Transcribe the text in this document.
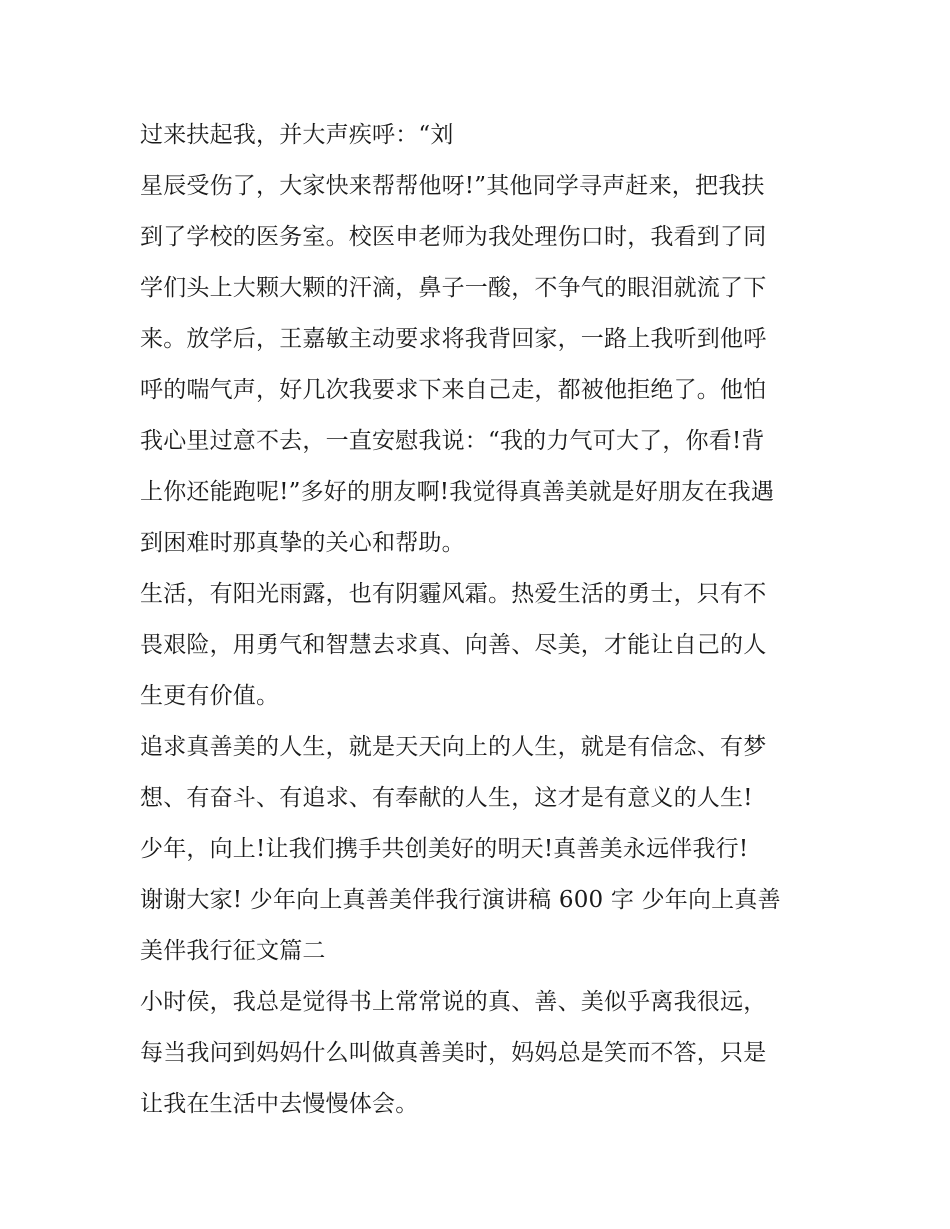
过来扶起我，并大声疾呼：“刘
星辰受伤了，大家快来帮帮他呀!”其他同学寻声赶来，把我扶
到了学校的医务室。校医申老师为我处理伤口时，我看到了同
学们头上大颗大颗的汗滴，鼻子一酸，不争气的眼泪就流了下
来。放学后，王嘉敏主动要求将我背回家，一路上我听到他呼
呼的喘气声，好几次我要求下来自己走，都被他拒绝了。他怕
我心里过意不去，一直安慰我说：“我的力气可大了，你看!背
上你还能跑呢!”多好的朋友啊!我觉得真善美就是好朋友在我遇
到困难时那真挚的关心和帮助。
生活，有阳光雨露，也有阴霾风霜。热爱生活的勇士，只有不
畏艰险，用勇气和智慧去求真、向善、尽美，才能让自己的人
生更有价值。
追求真善美的人生，就是天天向上的人生，就是有信念、有梦
想、有奋斗、有追求、有奉献的人生，这才是有意义的人生!
少年，向上!让我们携手共创美好的明天!真善美永远伴我行!
谢谢大家! 少年向上真善美伴我行演讲稿 600 字 少年向上真善
美伴我行征文篇二
小时侯，我总是觉得书上常常说的真、善、美似乎离我很远，
每当我问到妈妈什么叫做真善美时，妈妈总是笑而不答，只是
让我在生活中去慢慢体会。
